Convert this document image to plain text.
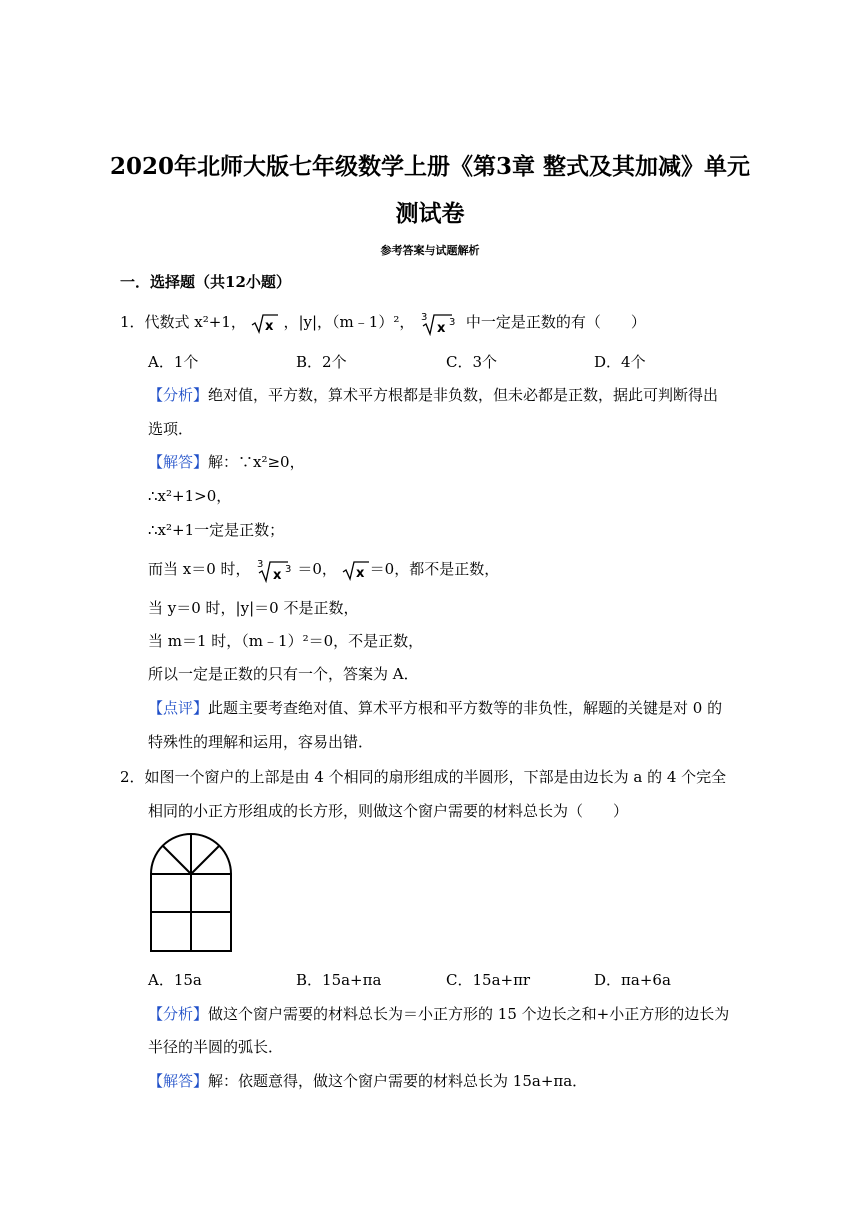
2020年北师大版七年级数学上册《第3章 整式及其加减》单元
测试卷
参考答案与试题解析
一．选择题（共12小题）
1．代数式 x²+1， x ，|y|，（m﹣1）²， 3
x 3 中一定是正数的有（　　）
A．1个	B．2个	C．3个	D．4个
【分析】绝对值，平方数，算术平方根都是非负数，但未必都是正数，据此可判断得出
选项．
【解答】解：∵x²≥0，
∴x²+1>0，
∴x²+1一定是正数；
而当 x＝0 时， 3
x 3 ＝0， x ＝0，都不是正数，
当 y＝0 时，|y|＝0 不是正数，
当 m＝1 时，（m﹣1）²＝0，不是正数，
所以一定是正数的只有一个，答案为 A．
【点评】此题主要考查绝对值、算术平方根和平方数等的非负性，解题的关键是对 0 的
特殊性的理解和运用，容易出错．
2．如图一个窗户的上部是由 4 个相同的扇形组成的半圆形，下部是由边长为 a 的 4 个完全
相同的小正方形组成的长方形，则做这个窗户需要的材料总长为（　　）
A．15a	B．15a+πa	C．15a+πr	D．πa+6a
【分析】做这个窗户需要的材料总长为＝小正方形的 15 个边长之和+小正方形的边长为
半径的半圆的弧长．
【解答】解：依题意得，做这个窗户需要的材料总长为 15a+πa．
